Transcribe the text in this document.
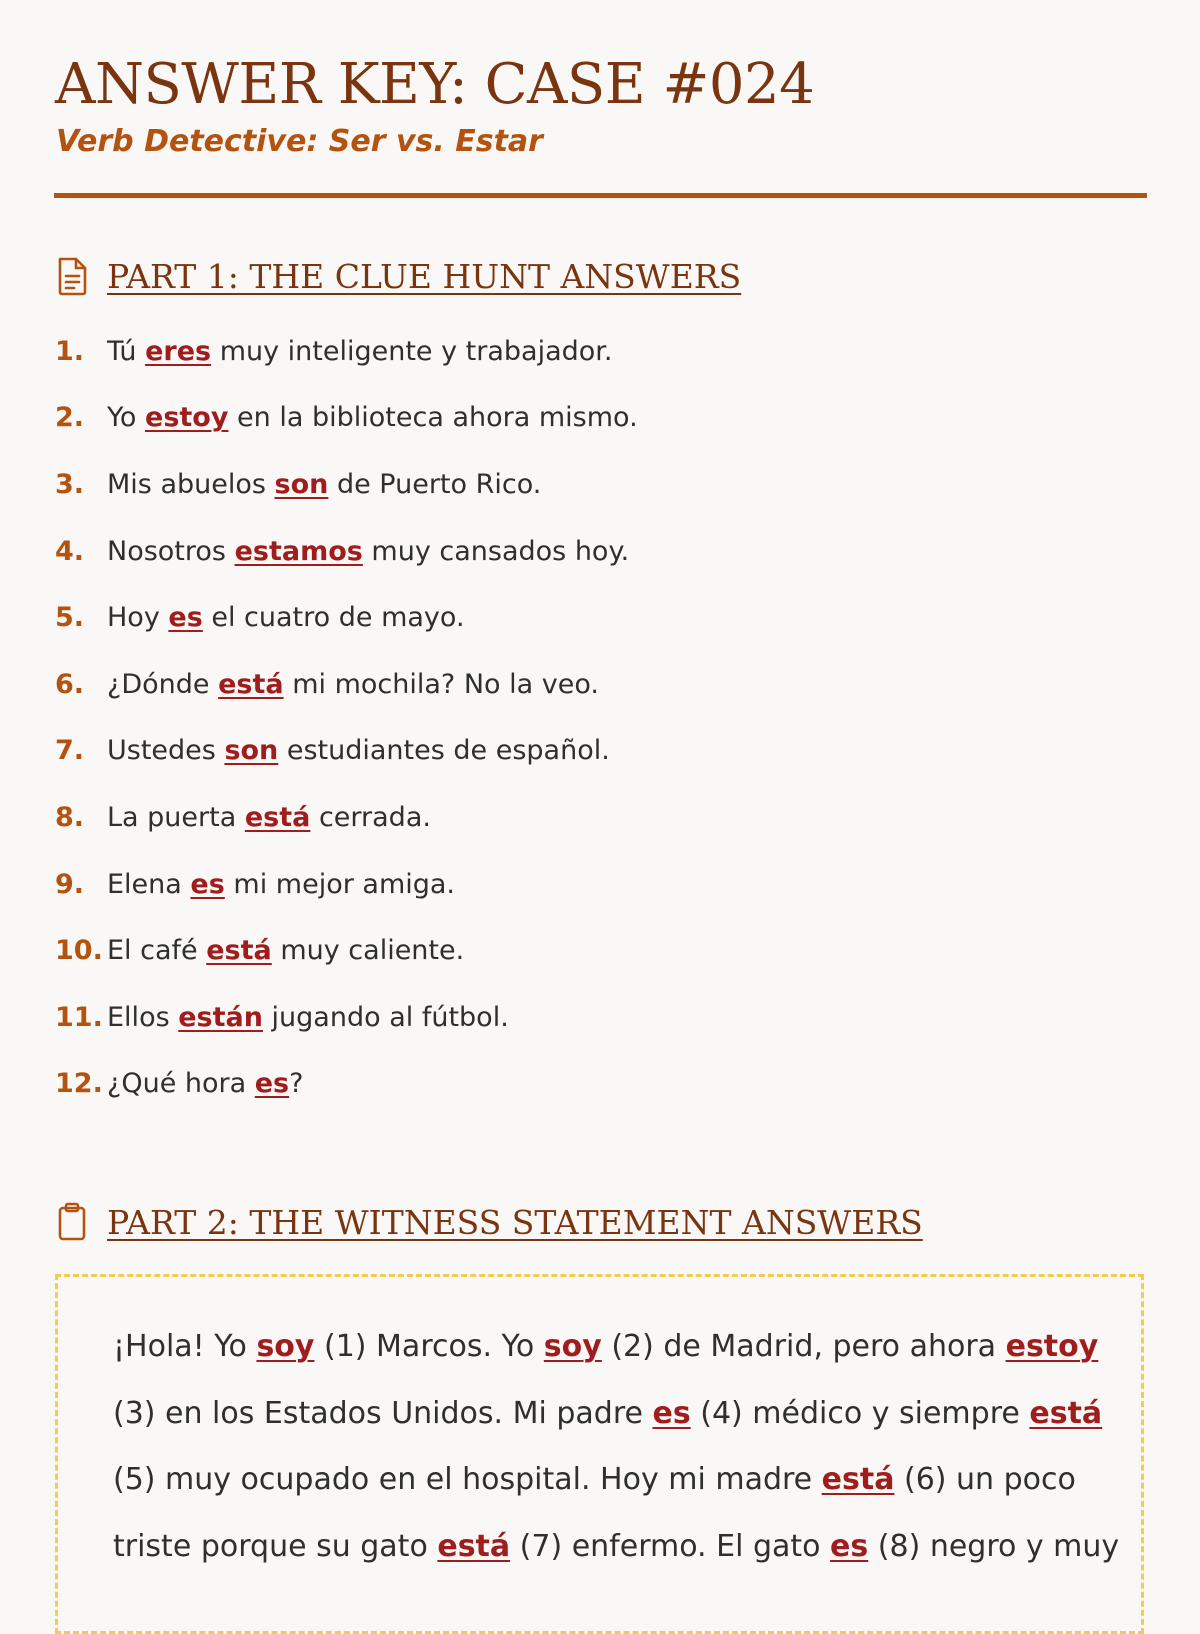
ANSWER KEY: CASE #024

Verb Detective: Ser vs. Estar

PART 1: THE CLUE HUNT ANSWERS
1. Tú eres muy inteligente y trabajador.
2. Yo estoy en la biblioteca ahora mismo.
3. Mis abuelos son de Puerto Rico.
4. Nosotros estamos muy cansados hoy.
5. Hoy es el cuatro de mayo.
6. ¿Dónde está mi mochila? No la veo.
7. Ustedes son estudiantes de español.
8. La puerta está cerrada.
9. Elena es mi mejor amiga.
10. El café está muy caliente.
11. Ellos están jugando al fútbol.
12. ¿Qué hora es?
PART 2: THE WITNESS STATEMENT ANSWERS
¡Hola! Yo soy (1) Marcos. Yo soy (2) de Madrid, pero ahora estoy
(3) en los Estados Unidos. Mi padre es (4) médico y siempre está
(5) muy ocupado en el hospital. Hoy mi madre está (6) un poco
triste porque su gato está (7) enfermo. El gato es (8) negro y muy
